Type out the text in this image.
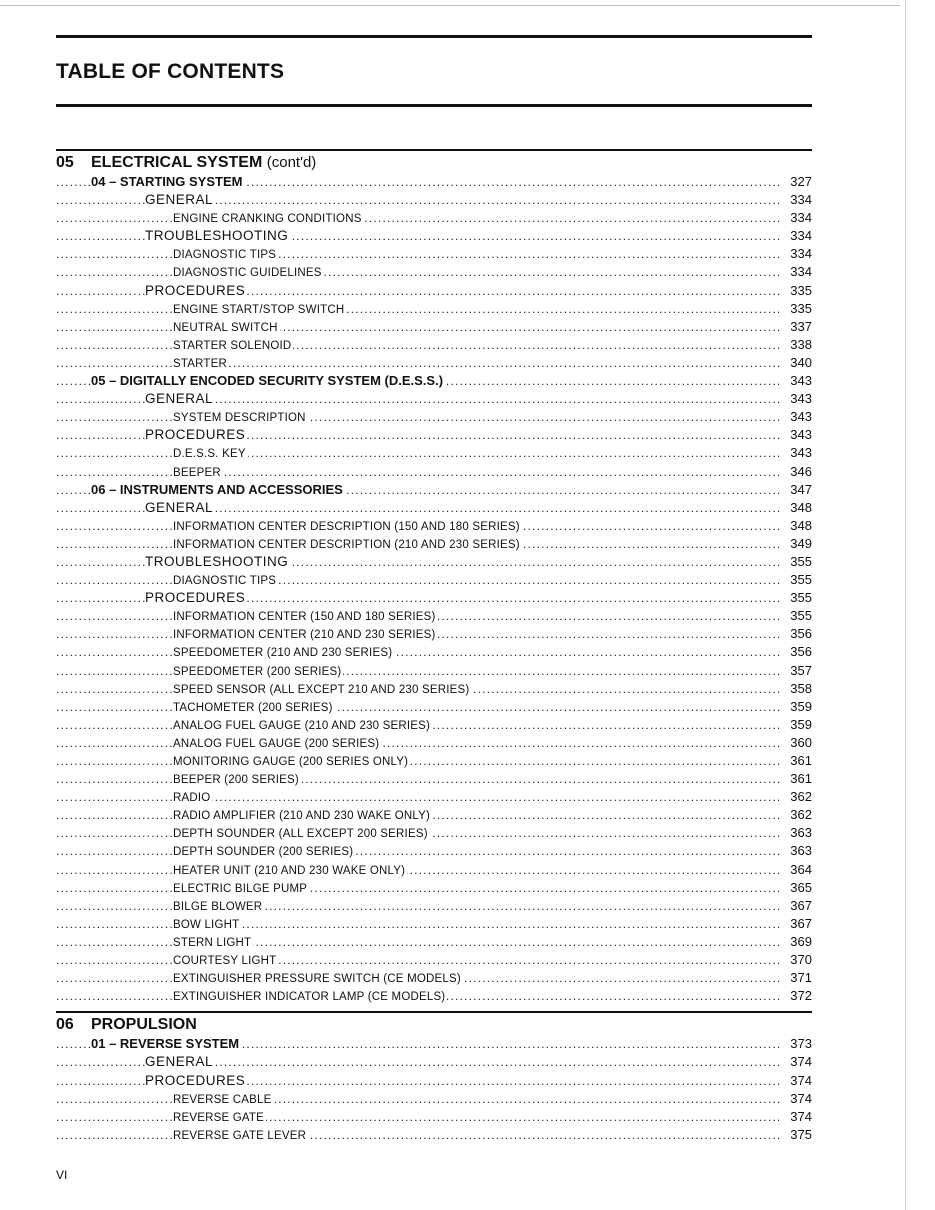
TABLE OF CONTENTS
05 ELECTRICAL SYSTEM (cont'd)
04 – STARTING SYSTEM	327
.....
GENERAL	334
.....
ENGINE CRANKING CONDITIONS	334
.....
TROUBLESHOOTING	334
.....
DIAGNOSTIC TIPS	334
.....
DIAGNOSTIC GUIDELINES	334
.....
PROCEDURES	335
.....
ENGINE START/STOP SWITCH	335
.....
NEUTRAL SWITCH	337
.....
STARTER SOLENOID	338
.....
STARTER	340
.....
05 – DIGITALLY ENCODED SECURITY SYSTEM (D.E.S.S.)	343
.....
GENERAL	343
.....
SYSTEM DESCRIPTION	343
.....
PROCEDURES	343
.....
D.E.S.S. KEY	343
.....
BEEPER	346
.....
06 – INSTRUMENTS AND ACCESSORIES	347
.....
GENERAL	348
.....
INFORMATION CENTER DESCRIPTION (150 AND 180 SERIES)	348
.....
INFORMATION CENTER DESCRIPTION (210 AND 230 SERIES)	349
.....
TROUBLESHOOTING	355
.....
DIAGNOSTIC TIPS	355
.....
PROCEDURES	355
.....
INFORMATION CENTER (150 AND 180 SERIES)	355
.....
INFORMATION CENTER (210 AND 230 SERIES)	356
.....
SPEEDOMETER (210 AND 230 SERIES)	356
.....
SPEEDOMETER (200 SERIES)	357
.....
SPEED SENSOR (ALL EXCEPT 210 AND 230 SERIES)	358
.....
TACHOMETER (200 SERIES)	359
.....
ANALOG FUEL GAUGE (210 AND 230 SERIES)	359
.....
ANALOG FUEL GAUGE (200 SERIES)	360
.....
MONITORING GAUGE (200 SERIES ONLY)	361
.....
BEEPER (200 SERIES)	361
.....
RADIO	362
.....
RADIO AMPLIFIER (210 AND 230 WAKE ONLY)	362
.....
DEPTH SOUNDER (ALL EXCEPT 200 SERIES)	363
.....
DEPTH SOUNDER (200 SERIES)	363
.....
HEATER UNIT (210 AND 230 WAKE ONLY)	364
.....
ELECTRIC BILGE PUMP	365
.....
BILGE BLOWER	367
.....
BOW LIGHT	367
.....
STERN LIGHT	369
.....
COURTESY LIGHT	370
.....
EXTINGUISHER PRESSURE SWITCH (CE MODELS)	371
.....
EXTINGUISHER INDICATOR LAMP (CE MODELS)	372
.....
06 PROPULSION
01 – REVERSE SYSTEM	373
.....
GENERAL	374
.....
PROCEDURES	374
.....
REVERSE CABLE	374
.....
REVERSE GATE	374
.....
REVERSE GATE LEVER	375
.....
VI
